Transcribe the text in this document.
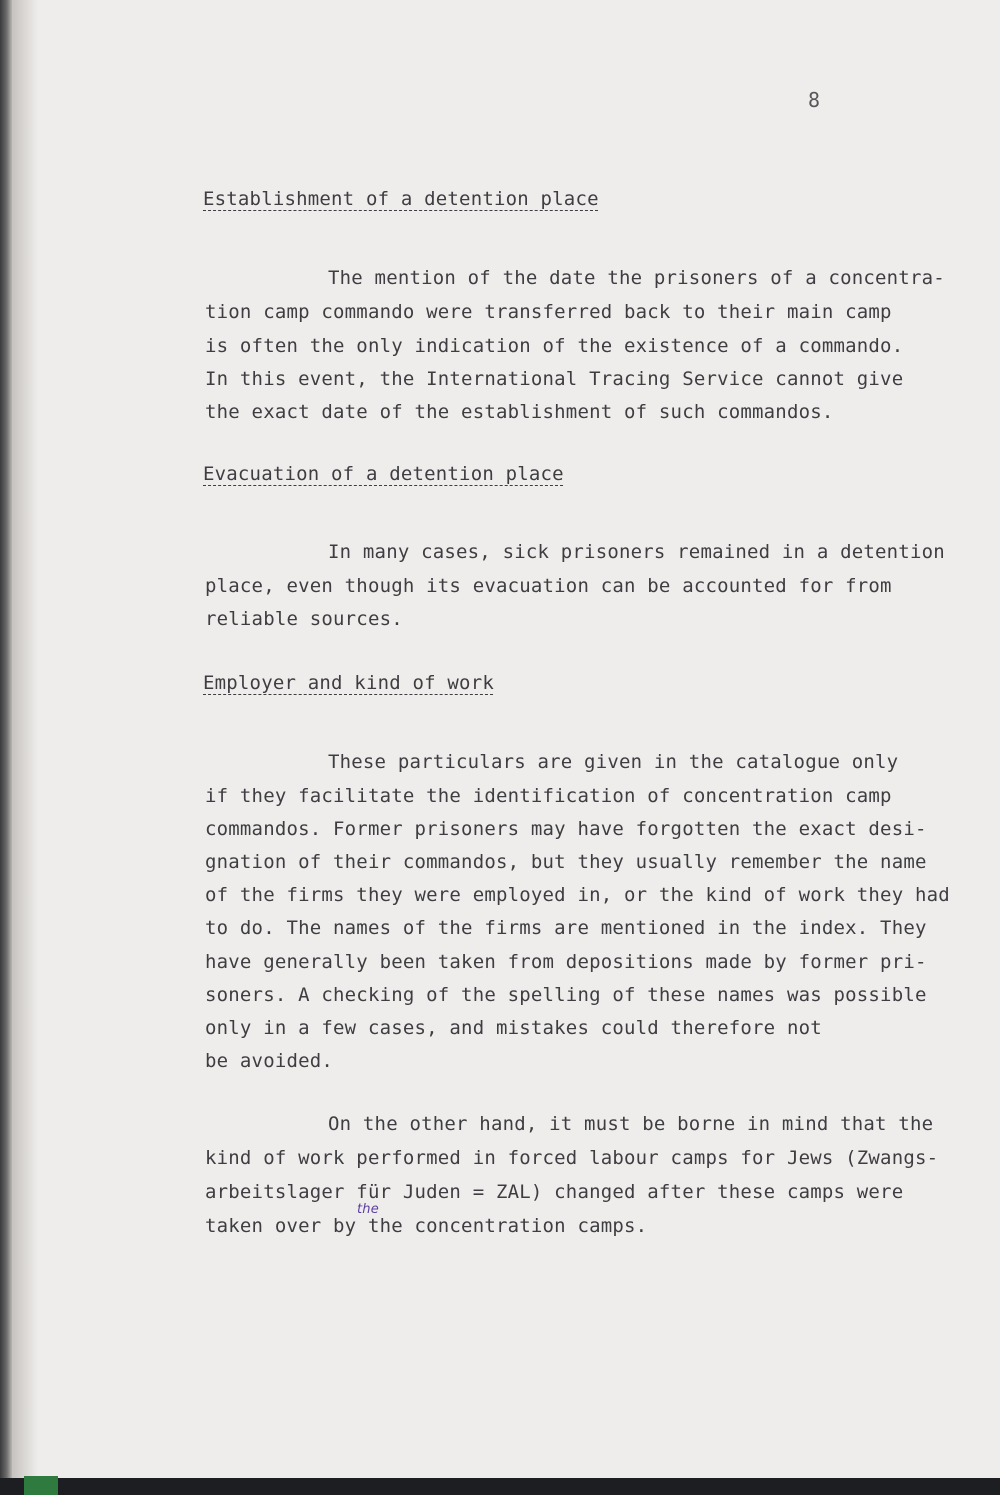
8
Establishment of a detention place
The mention of the date the prisoners of a concentra-
tion camp commando were transferred back to their main camp
is often the only indication of the existence of a commando.
In this event, the International Tracing Service cannot give
the exact date of the establishment of such commandos.
Evacuation of a detention place
In many cases, sick prisoners remained in a detention
place, even though its evacuation can be accounted for from
reliable sources.
Employer and kind of work
These particulars are given in the catalogue only
if they facilitate the identification of concentration camp
commandos. Former prisoners may have forgotten the exact desi-
gnation of their commandos, but they usually remember the name
of the firms they were employed in, or the kind of work they had
to do. The names of the firms are mentioned in the index. They
have generally been taken from depositions made by former pri-
soners. A checking of the spelling of these names was possible
only in a few cases, and mistakes could therefore not
be avoided.
On the other hand, it must be borne in mind that the
kind of work performed in forced labour camps for Jews (Zwangs-
arbeitslager für Juden = ZAL) changed after these camps were
taken over by the concentration camps.
the
